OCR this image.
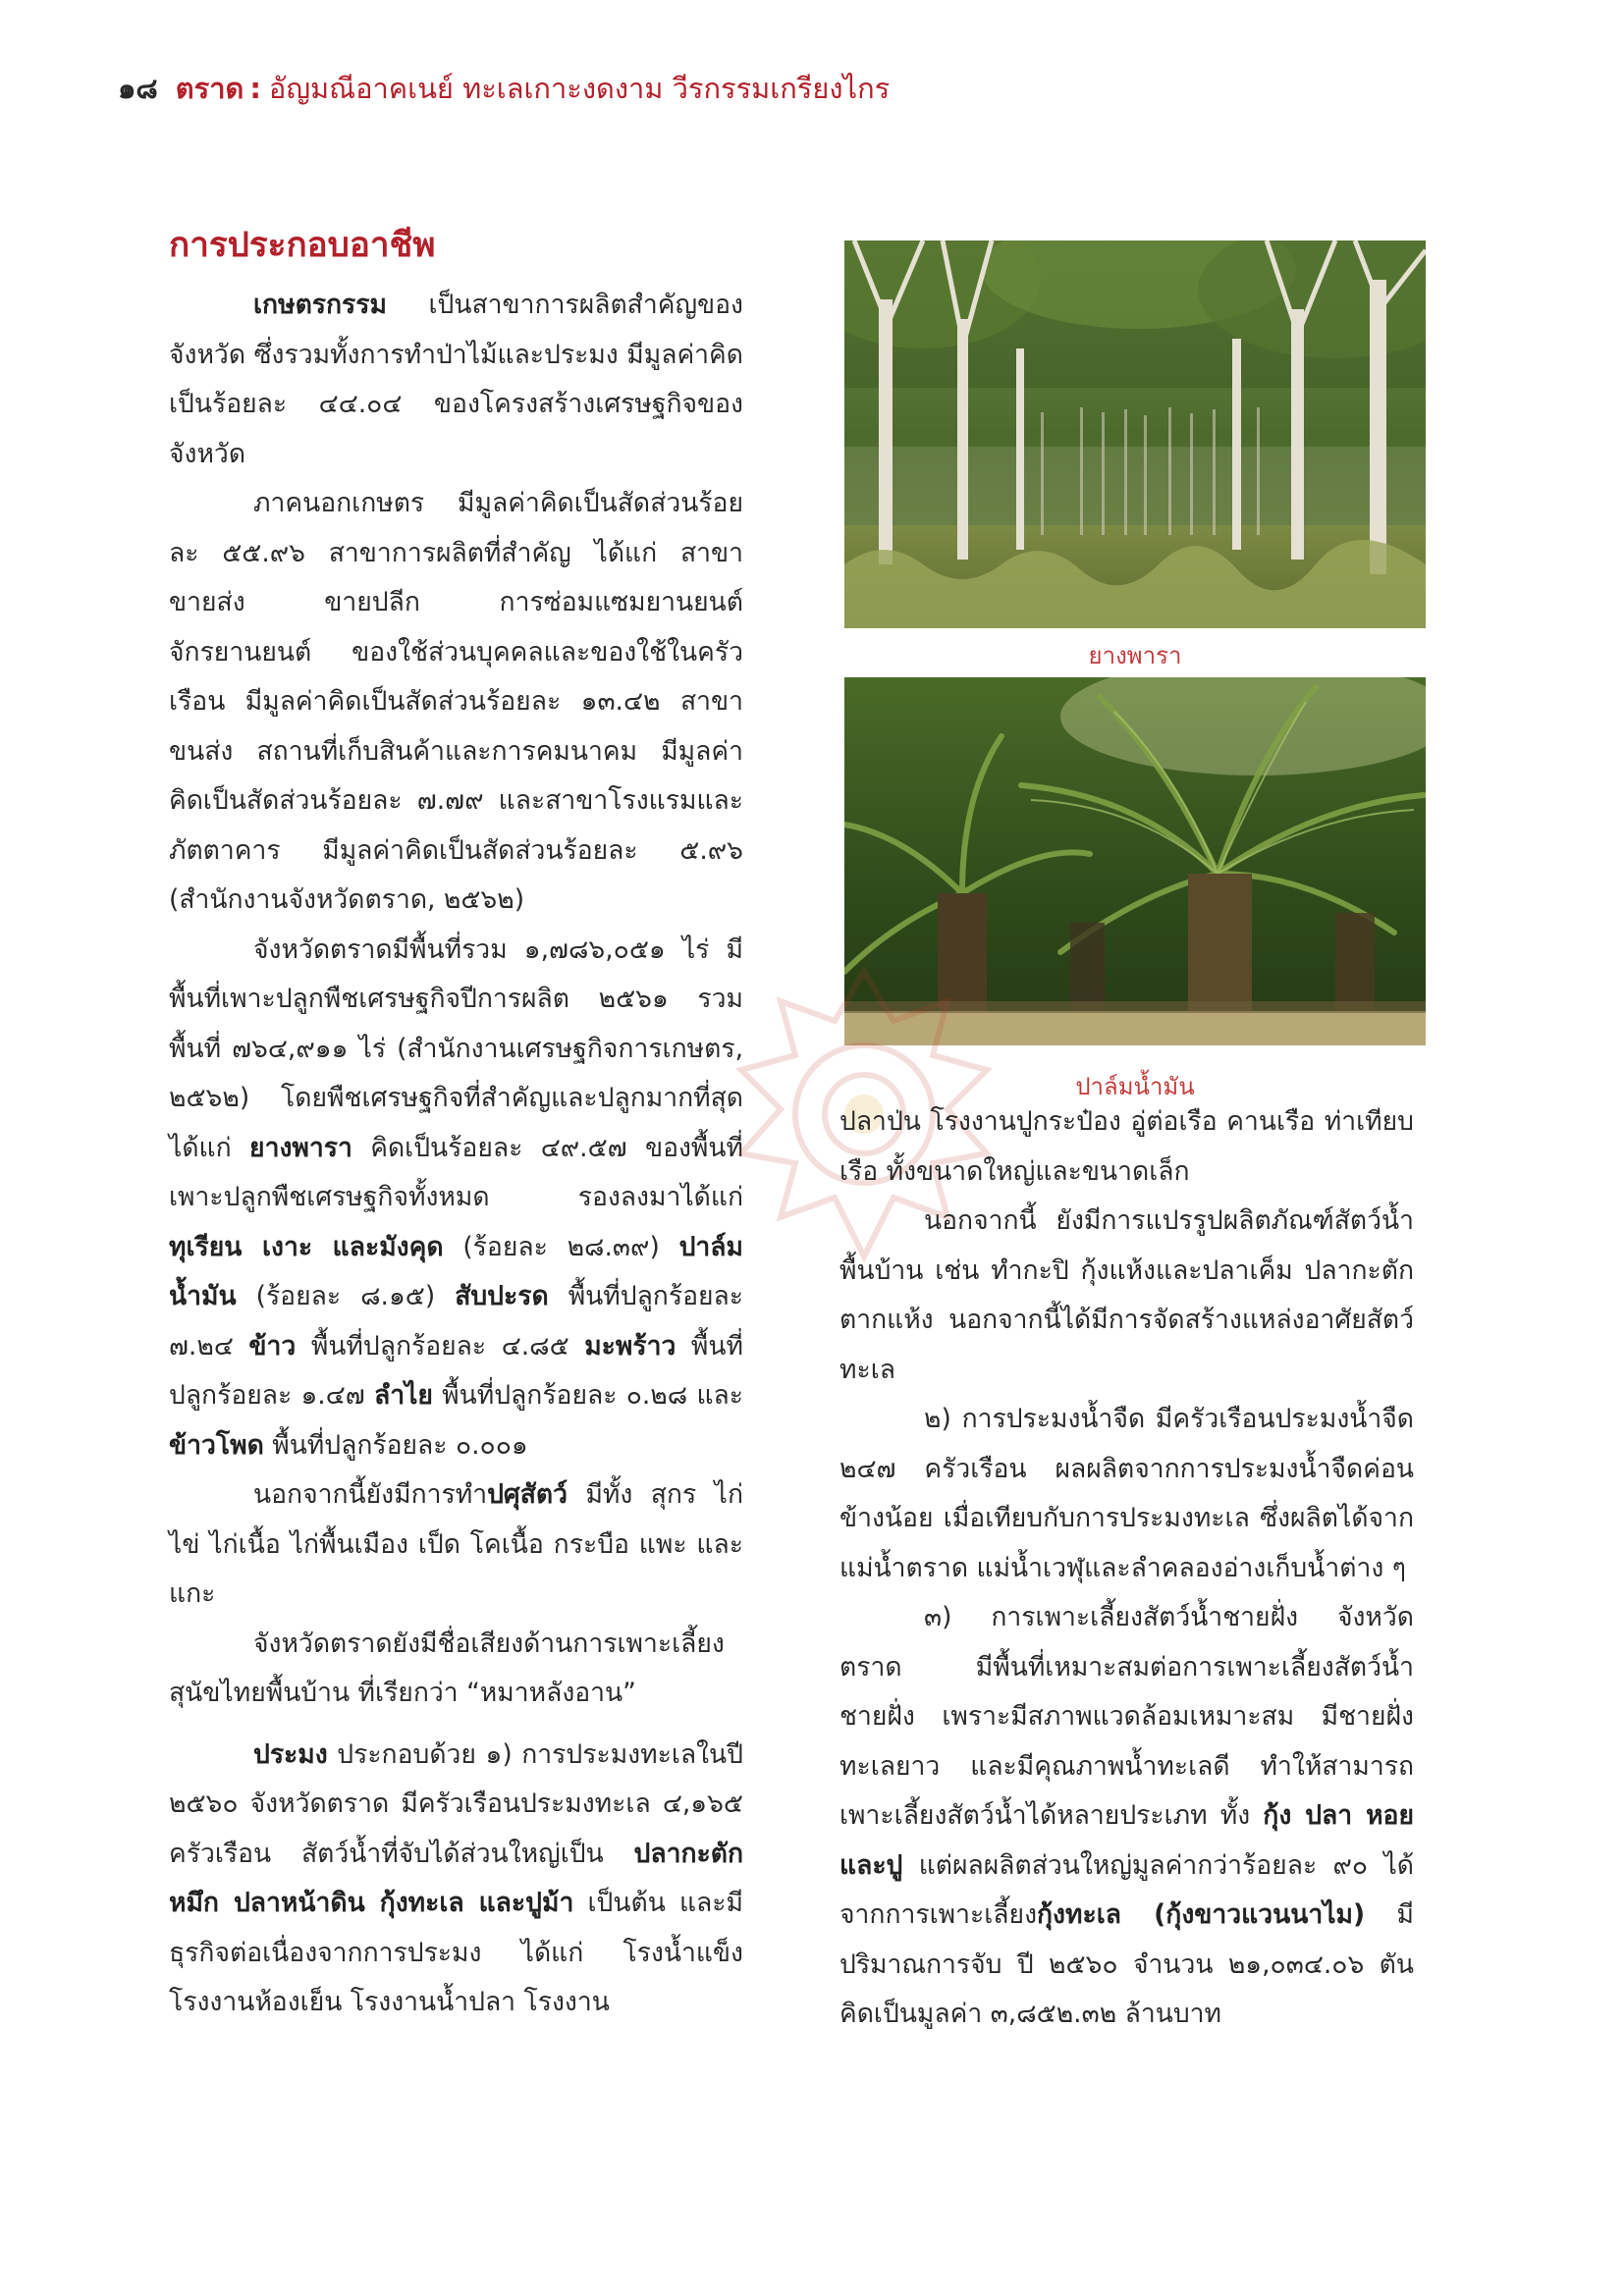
๑๘ ตราด : อัญมณีอาคเนย์ ทะเลเกาะงดงาม วีรกรรมเกรียงไกร
การประกอบอาชีพ

เกษตรกรรม เป็นสาขาการผลิตสำคัญของจังหวัด ซึ่งรวมทั้งการทำป่าไม้และประมง มีมูลค่าคิดเป็นร้อยละ ๔๔.๐๔ ของโครงสร้างเศรษฐกิจของจังหวัด

ภาคนอกเกษตร มีมูลค่าคิดเป็นสัดส่วนร้อยละ ๕๕.๙๖ สาขาการผลิตที่สำคัญ ได้แก่ สาขาขายส่ง ขายปลีก การซ่อมแซมยานยนต์ จักรยานยนต์ ของใช้ส่วนบุคคลและของใช้ในครัวเรือน มีมูลค่าคิดเป็นสัดส่วนร้อยละ ๑๓.๔๒ สาขาขนส่ง สถานที่เก็บสินค้าและการคมนาคม มีมูลค่าคิดเป็นสัดส่วนร้อยละ ๗.๗๙ และสาขาโรงแรมและภัตตาคาร มีมูลค่าคิดเป็นสัดส่วนร้อยละ ๕.๙๖ (สำนักงานจังหวัดตราด, ๒๕๖๒)

จังหวัดตราดมีพื้นที่รวม ๑,๗๘๖,๐๕๑ ไร่ มีพื้นที่เพาะปลูกพืชเศรษฐกิจปีการผลิต ๒๕๖๑ รวมพื้นที่ ๗๖๔,๙๑๑ ไร่ (สำนักงานเศรษฐกิจการเกษตร, ๒๕๖๒) โดยพืชเศรษฐกิจที่สำคัญและปลูกมากที่สุด ได้แก่ ยางพารา คิดเป็นร้อยละ ๔๙.๕๗ ของพื้นที่เพาะปลูกพืชเศรษฐกิจทั้งหมด รองลงมาได้แก่ ทุเรียน เงาะ และมังคุด (ร้อยละ ๒๘.๓๙) ปาล์มน้ำมัน (ร้อยละ ๘.๑๕) สับปะรด พื้นที่ปลูกร้อยละ ๗.๒๔ ข้าว พื้นที่ปลูกร้อยละ ๔.๘๕ มะพร้าว พื้นที่ปลูกร้อยละ ๑.๔๗ ลำไย พื้นที่ปลูกร้อยละ ๐.๒๘ และข้าวโพด พื้นที่ปลูกร้อยละ ๐.๐๐๑

นอกจากนี้ยังมีการทำปศุสัตว์ มีทั้ง สุกร ไก่ไข่ ไก่เนื้อ ไก่พื้นเมือง เป็ด โคเนื้อ กระบือ แพะ และแกะ

จังหวัดตราดยังมีชื่อเสียงด้านการเพาะเลี้ยงสุนัขไทยพื้นบ้าน ที่เรียกว่า “หมาหลังอาน”

ประมง ประกอบด้วย ๑) การประมงทะเลในปี ๒๕๖๐ จังหวัดตราด มีครัวเรือนประมงทะเล ๔,๑๖๕ ครัวเรือน สัตว์น้ำที่จับได้ส่วนใหญ่เป็น ปลากะตัก หมึก ปลาหน้าดิน กุ้งทะเล และปูม้า เป็นต้น และมีธุรกิจต่อเนื่องจากการประมง ได้แก่ โรงน้ำแข็ง โรงงานห้องเย็น โรงงานน้ำปลา โรงงาน

ยางพารา
ปาล์มน้ำมัน

ปลาป่น โรงงานปูกระป๋อง อู่ต่อเรือ คานเรือ ท่าเทียบเรือ ทั้งขนาดใหญ่และขนาดเล็ก

นอกจากนี้ ยังมีการแปรรูปผลิตภัณฑ์สัตว์น้ำพื้นบ้าน เช่น ทำกะปิ กุ้งแห้งและปลาเค็ม ปลากะตักตากแห้ง นอกจากนี้ได้มีการจัดสร้างแหล่งอาศัยสัตว์ทะเล

๒) การประมงน้ำจืด มีครัวเรือนประมงน้ำจืด ๒๔๗ ครัวเรือน ผลผลิตจากการประมงน้ำจืดค่อนข้างน้อย เมื่อเทียบกับการประมงทะเล ซึ่งผลิตได้จากแม่น้ำตราด แม่น้ำเวฬุและลำคลองอ่างเก็บน้ำต่าง ๆ

๓) การเพาะเลี้ยงสัตว์น้ำชายฝั่ง จังหวัดตราด มีพื้นที่เหมาะสมต่อการเพาะเลี้ยงสัตว์น้ำชายฝั่ง เพราะมีสภาพแวดล้อมเหมาะสม มีชายฝั่งทะเลยาว และมีคุณภาพน้ำทะเลดี ทำให้สามารถเพาะเลี้ยงสัตว์น้ำได้หลายประเภท ทั้ง กุ้ง ปลา หอย และปู แต่ผลผลิตส่วนใหญ่มูลค่ากว่าร้อยละ ๙๐ ได้จากการเพาะเลี้ยงกุ้งทะเล (กุ้งขาวแวนนาไม) มีปริมาณการจับ ปี ๒๕๖๐ จำนวน ๒๑,๐๓๔.๐๖ ตัน คิดเป็นมูลค่า ๓,๘๕๒.๓๒ ล้านบาท
